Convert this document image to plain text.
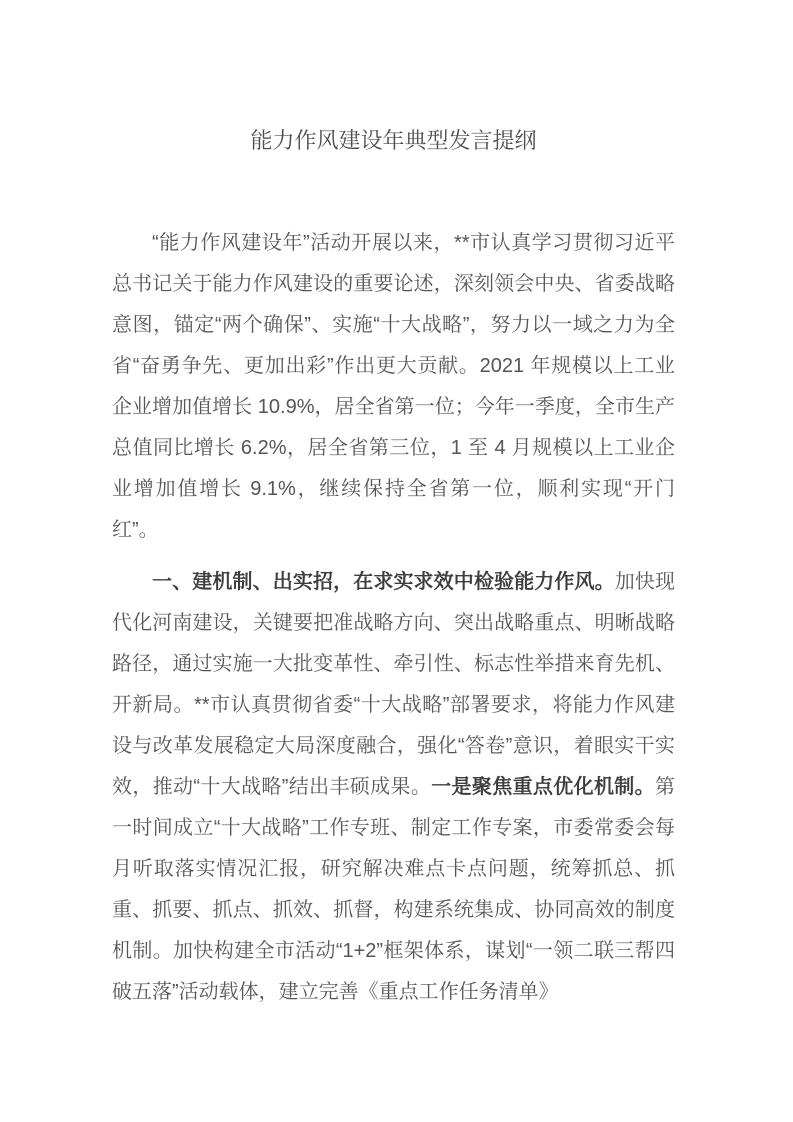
能力作风建设年典型发言提纲

“能力作风建设年”活动开展以来，**市认真学习贯彻习近平总书记关于能力作风建设的重要论述，深刻领会中央、省委战略意图，锚定“两个确保”、实施“十大战略”，努力以一域之力为全省“奋勇争先、更加出彩”作出更大贡献。2021 年规模以上工业企业增加值增长 10.9%，居全省第一位；今年一季度，全市生产总值同比增长 6.2%，居全省第三位，1 至 4 月规模以上工业企业增加值增长 9.1%，继续保持全省第一位，顺利实现“开门红”。

一、建机制、出实招，在求实求效中检验能力作风。加快现代化河南建设，关键要把准战略方向、突出战略重点、明晰战略路径，通过实施一大批变革性、牵引性、标志性举措来育先机、开新局。**市认真贯彻省委“十大战略”部署要求，将能力作风建设与改革发展稳定大局深度融合，强化“答卷”意识，着眼实干实效，推动“十大战略”结出丰硕成果。一是聚焦重点优化机制。第一时间成立“十大战略”工作专班、制定工作专案，市委常委会每月听取落实情况汇报，研究解决难点卡点问题，统筹抓总、抓重、抓要、抓点、抓效、抓督，构建系统集成、协同高效的制度机制。加快构建全市活动“1+2”框架体系，谋划“一领二联三帮四破五落”活动载体，建立完善《重点工作任务清单》
